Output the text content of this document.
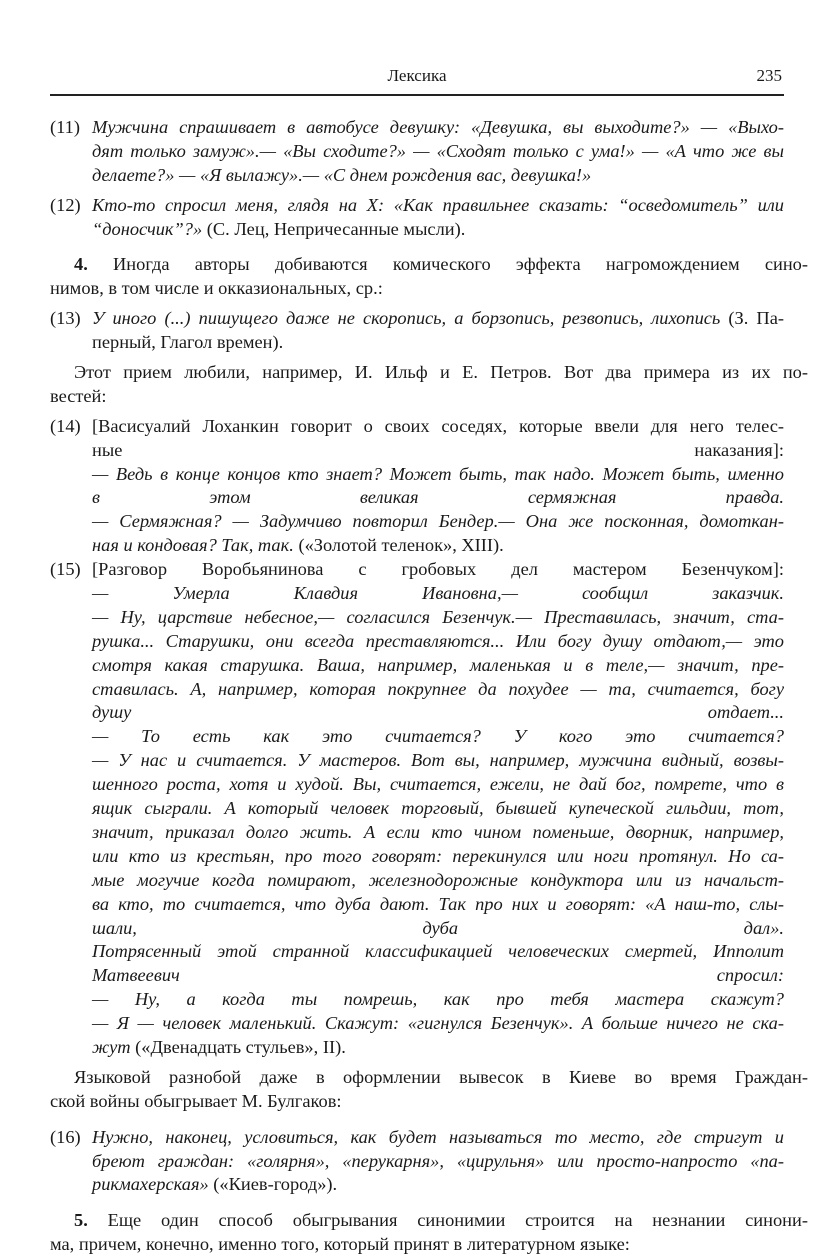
Лексика	235
(11) Мужчина спрашивает в автобусе девушку: «Девушка, вы выходите?» — «Выхо-
дят только замуж».— «Вы сходите?» — «Сходят только с ума!» — «А что же вы
делаете?» — «Я вылажу».— «С днем рождения вас, девушка!»
(12) Кто-то спросил меня, глядя на X: «Как правильнее сказать: “осведомитель” или
“доносчик”?» (С. Лец, Непричесанные мысли).
4. Иногда авторы добиваются комического эффекта нагромождением сино-
нимов, в том числе и окказиональных, ср.:
(13) У иного (...) пишущего даже не скоропись, а борзопись, резвопись, лихопись (З. Па-
перный, Глагол времен).
Этот прием любили, например, И. Ильф и Е. Петров. Вот два примера из их по-
вестей:
(14) [Васисуалий Лоханкин говорит о своих соседях, которые ввели для него телес-
ные наказания]:
— Ведь в конце концов кто знает? Может быть, так надо. Может быть, именно
в этом великая сермяжная правда.
— Сермяжная? — Задумчиво повторил Бендер.— Она же посконная, домоткан-
ная и кондовая? Так, так. («Золотой теленок», XIII).
(15) [Разговор Воробьянинова с гробовых дел мастером Безенчуком]:
— Умерла Клавдия Ивановна,— сообщил заказчик.
— Ну, царствие небесное,— согласился Безенчук.— Преставилась, значит, ста-
рушка... Старушки, они всегда преставляются... Или богу душу отдают,— это
смотря какая старушка. Ваша, например, маленькая и в теле,— значит, пре-
ставилась. А, например, которая покрупнее да похудее — та, считается, богу
душу отдает...
— То есть как это считается? У кого это считается?
— У нас и считается. У мастеров. Вот вы, например, мужчина видный, возвы-
шенного роста, хотя и худой. Вы, считается, ежели, не дай бог, помрете, что в
ящик сыграли. А который человек торговый, бывшей купеческой гильдии, тот,
значит, приказал долго жить. А если кто чином поменьше, дворник, например,
или кто из крестьян, про того говорят: перекинулся или ноги протянул. Но са-
мые могучие когда помирают, железнодорожные кондуктора или из начальст-
ва кто, то считается, что дуба дают. Так про них и говорят: «А наш-то, слы-
шали, дуба дал».
Потрясенный этой странной классификацией человеческих смертей, Ипполит
Матвеевич спросил:
— Ну, а когда ты помрешь, как про тебя мастера скажут?
— Я — человек маленький. Скажут: «гигнулся Безенчук». А больше ничего не ска-
жут («Двенадцать стульев», II).
Языковой разнобой даже в оформлении вывесок в Киеве во время Граждан-
ской войны обыгрывает М. Булгаков:
(16) Нужно, наконец, условиться, как будет называться то место, где стригут и
бреют граждан: «голярня», «перукарня», «цирульня» или просто-напросто «па-
рикмахерская» («Киев-город»).
5. Еще один способ обыгрывания синонимии строится на незнании синони-
ма, причем, конечно, именно того, который принят в литературном языке:
